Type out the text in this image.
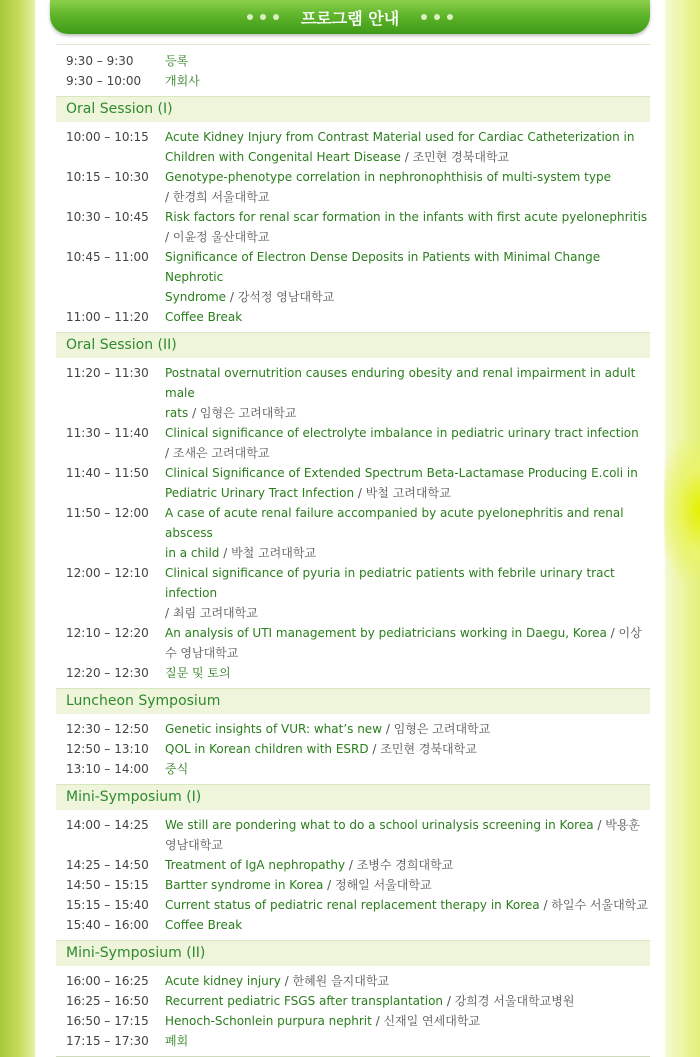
프로그램 안내
9:30 – 9:30	등록
9:30 – 10:00	개회사
Oral Session (I)
10:00 – 10:15	Acute Kidney Injury from Contrast Material used for Cardiac Catheterization in
Children with Congenital Heart Disease / 조민현 경북대학교
10:15 – 10:30	Genotype-phenotype correlation in nephronophthisis of multi-system type
/ 한경희 서울대학교
10:30 – 10:45	Risk factors for renal scar formation in the infants with first acute pyelonephritis
/ 이윤정 울산대학교
10:45 – 11:00	Significance of Electron Dense Deposits in Patients with Minimal Change Nephrotic
Syndrome / 강석정 영남대학교
11:00 – 11:20	Coffee Break
Oral Session (II)
11:20 – 11:30	Postnatal overnutrition causes enduring obesity and renal impairment in adult male
rats / 임형은 고려대학교
11:30 – 11:40	Clinical significance of electrolyte imbalance in pediatric urinary tract infection
/ 조새은 고려대학교
11:40 – 11:50	Clinical Significance of Extended Spectrum Beta-Lactamase Producing E.coli in
Pediatric Urinary Tract Infection / 박철 고려대학교
11:50 – 12:00	A case of acute renal failure accompanied by acute pyelonephritis and renal abscess
in a child / 박철 고려대학교
12:00 – 12:10	Clinical significance of pyuria in pediatric patients with febrile urinary tract infection
/ 최림 고려대학교
12:10 – 12:20	An analysis of UTI management by pediatricians working in Daegu, Korea / 이상수 영남대학교
12:20 – 12:30	질문 및 토의
Luncheon Symposium
12:30 – 12:50	Genetic insights of VUR: what’s new / 임형은 고려대학교
12:50 – 13:10	QOL in Korean children with ESRD / 조민현 경북대학교
13:10 – 14:00	중식
Mini-Symposium (I)
14:00 – 14:25	We still are pondering what to do a school urinalysis screening in Korea / 박용훈 영남대학교
14:25 – 14:50	Treatment of IgA nephropathy / 조병수 경희대학교
14:50 – 15:15	Bartter syndrome in Korea / 정해일 서울대학교
15:15 – 15:40	Current status of pediatric renal replacement therapy in Korea / 하일수 서울대학교
15:40 – 16:00	Coffee Break
Mini-Symposium (II)
16:00 – 16:25	Acute kidney injury / 한혜원 을지대학교
16:25 – 16:50	Recurrent pediatric FSGS after transplantation / 강희경 서울대학교병원
16:50 – 17:15	Henoch-Schonlein purpura nephrit / 신재일 연세대학교
17:15 – 17:30	폐회
